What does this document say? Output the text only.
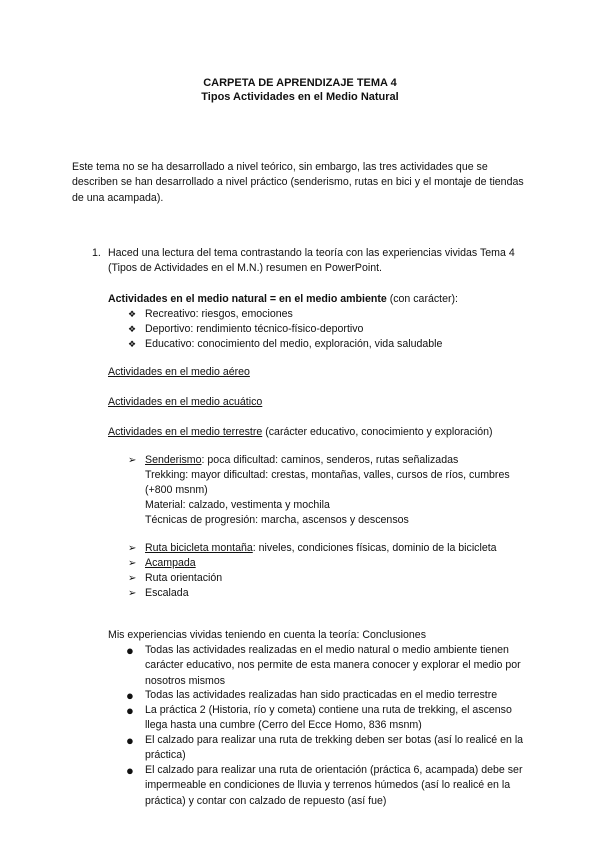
CARPETA DE APRENDIZAJE TEMA 4
Tipos Actividades en el Medio Natural
Este tema no se ha desarrollado a nivel teórico, sin embargo, las tres actividades que se describen se han desarrollado a nivel práctico (senderismo, rutas en bici y el montaje de tiendas de una acampada).
1. Haced una lectura del tema contrastando la teoría con las experiencias vividas Tema 4 (Tipos de Actividades en el M.N.) resumen en PowerPoint.
Actividades en el medio natural = en el medio ambiente (con carácter):
❖ Recreativo: riesgos, emociones
❖ Deportivo: rendimiento técnico-físico-deportivo
❖ Educativo: conocimiento del medio, exploración, vida saludable
Actividades en el medio aéreo
Actividades en el medio acuático
Actividades en el medio terrestre (carácter educativo, conocimiento y exploración)
➢ Senderismo: poca dificultad: caminos, senderos, rutas señalizadas
Trekking: mayor dificultad: crestas, montañas, valles, cursos de ríos, cumbres (+800 msnm)
Material: calzado, vestimenta y mochila
Técnicas de progresión: marcha, ascensos y descensos
➢ Ruta bicicleta montaña: niveles, condiciones físicas, dominio de la bicicleta
➢ Acampada
➢ Ruta orientación
➢ Escalada
Mis experiencias vividas teniendo en cuenta la teoría: Conclusiones
● Todas las actividades realizadas en el medio natural o medio ambiente tienen carácter educativo, nos permite de esta manera conocer y explorar el medio por nosotros mismos
● Todas las actividades realizadas han sido practicadas en el medio terrestre
● La práctica 2 (Historia, río y cometa) contiene una ruta de trekking, el ascenso llega hasta una cumbre (Cerro del Ecce Homo, 836 msnm)
● El calzado para realizar una ruta de trekking deben ser botas (así lo realicé en la práctica)
● El calzado para realizar una ruta de orientación (práctica 6, acampada) debe ser impermeable en condiciones de lluvia y terrenos húmedos (así lo realicé en la práctica) y contar con calzado de repuesto (así fue)
